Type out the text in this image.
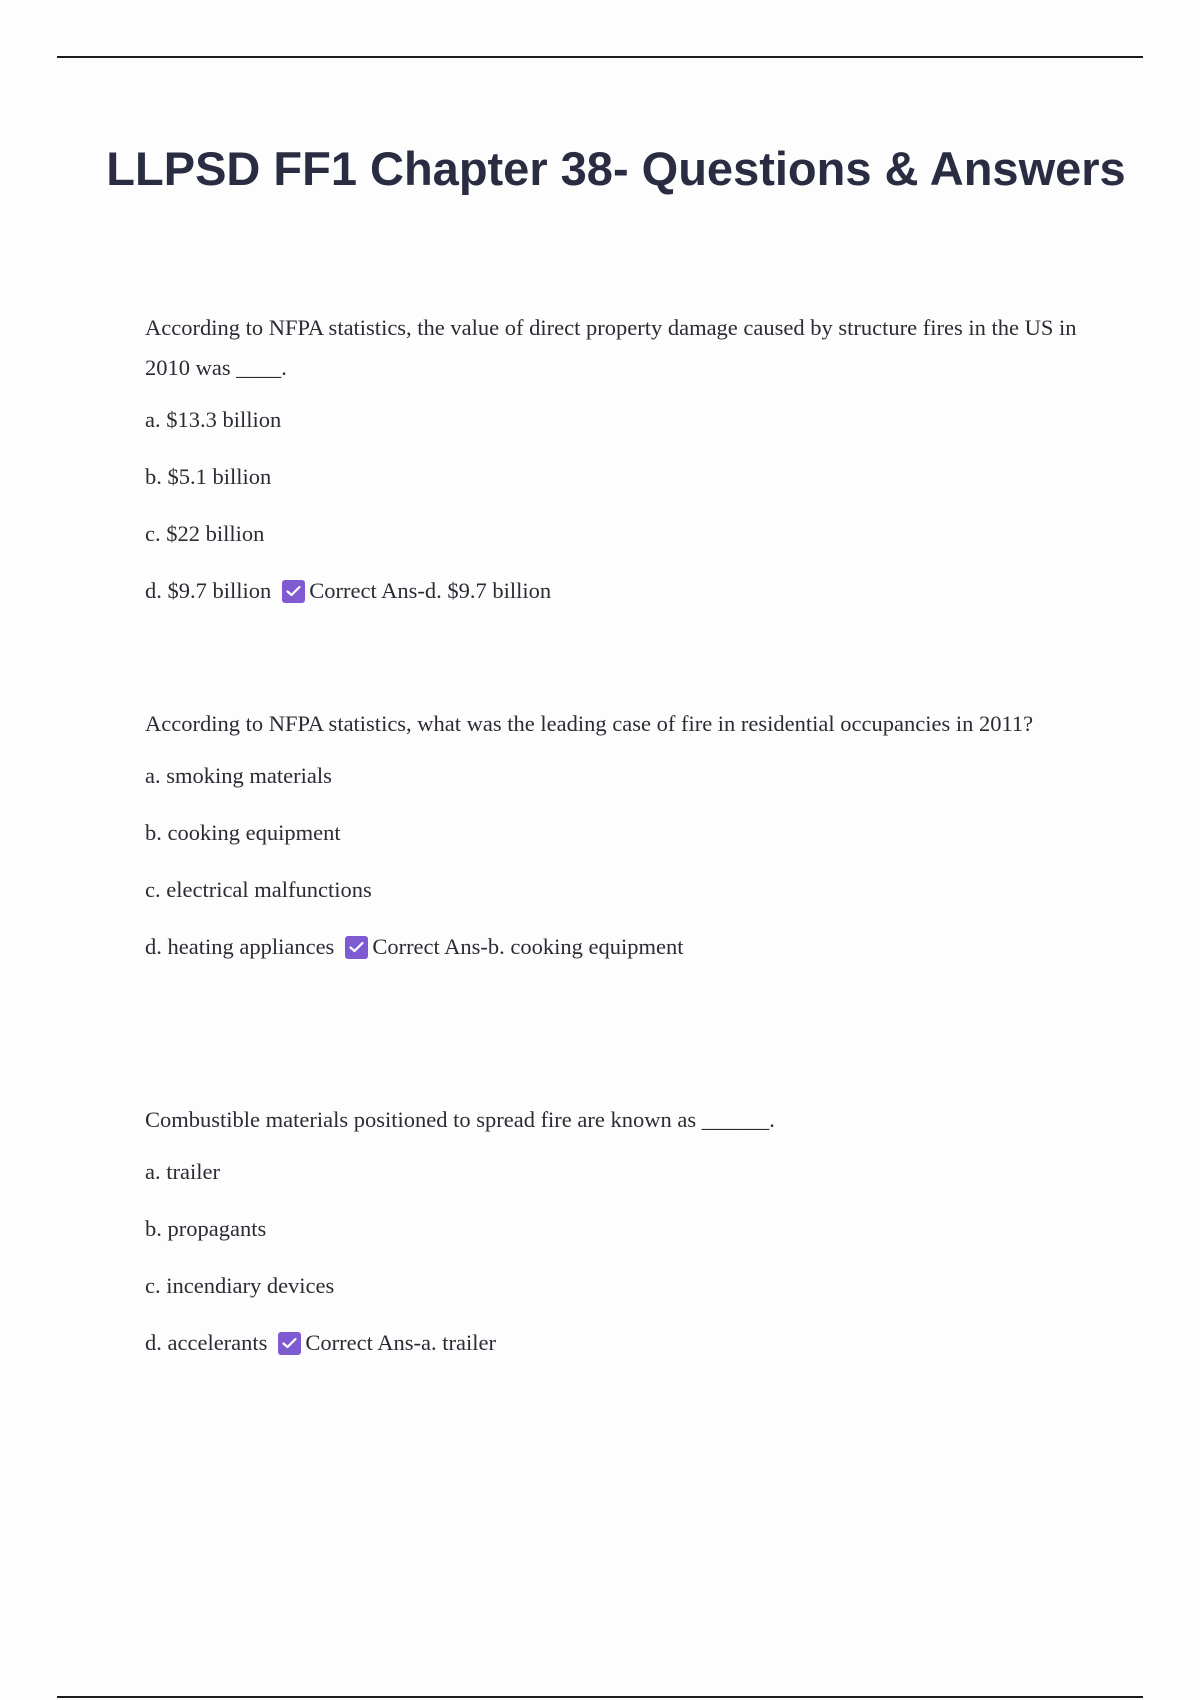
LLPSD FF1 Chapter 38- Questions & Answers

According to NFPA statistics, the value of direct property damage caused by structure fires in the US in 2010 was ____.

a. $13.3 billion
b. $5.1 billion
c. $22 billion
d. $9.7 billion Correct Ans-d. $9.7 billion

According to NFPA statistics, what was the leading case of fire in residential occupancies in 2011?

a. smoking materials
b. cooking equipment
c. electrical malfunctions
d. heating appliances Correct Ans-b. cooking equipment

Combustible materials positioned to spread fire are known as ______.

a. trailer
b. propagants
c. incendiary devices
d. accelerants Correct Ans-a. trailer
